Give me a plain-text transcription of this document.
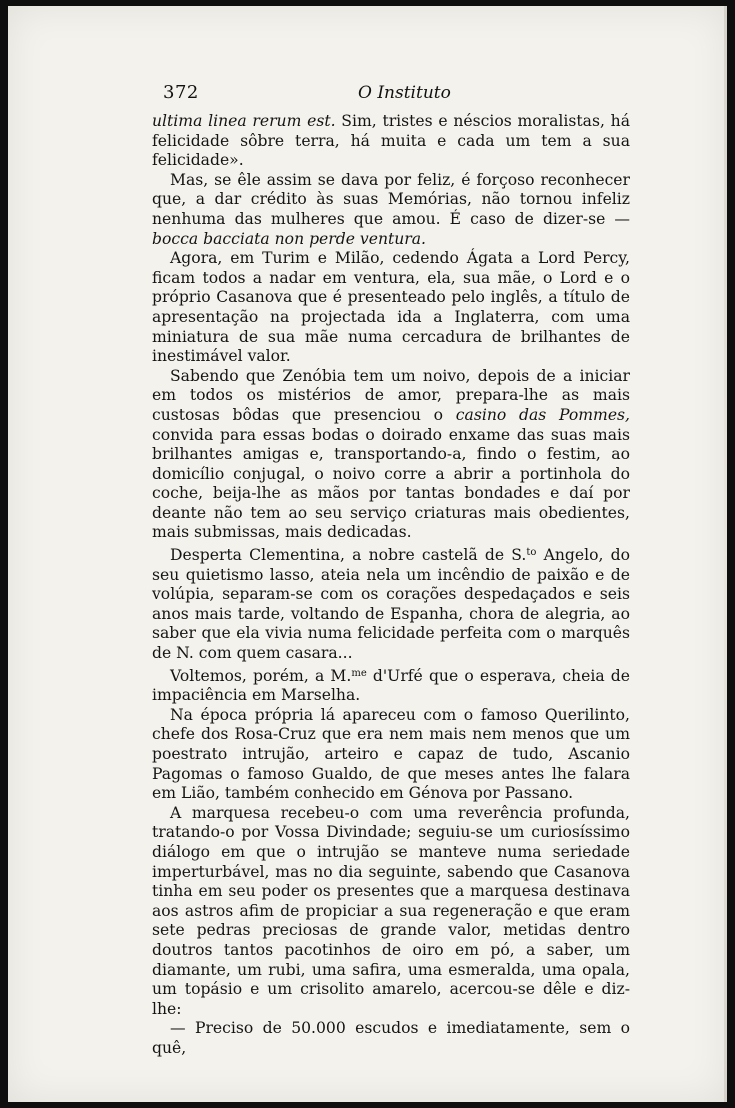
372	O Instituto

ultima linea rerum est. Sim, tristes e néscios moralistas, há felicidade sôbre terra, há muita e cada um tem a sua felicidade».

Mas, se êle assim se dava por feliz, é forçoso reconhecer que, a dar crédito às suas Memórias, não tornou infeliz nenhuma das mulheres que amou. É caso de dizer-se — bocca bacciata non perde ventura.

Agora, em Turim e Milão, cedendo Ágata a Lord Percy, ficam todos a nadar em ventura, ela, sua mãe, o Lord e o próprio Casanova que é presenteado pelo inglês, a título de apresentação na projectada ida a Inglaterra, com uma miniatura de sua mãe numa cercadura de brilhantes de inestimável valor.

Sabendo que Zenóbia tem um noivo, depois de a iniciar em todos os mistérios de amor, prepara-lhe as mais custosas bôdas que presenciou o casino das Pommes, convida para essas bodas o doirado enxame das suas mais brilhantes amigas e, transportando-a, findo o festim, ao domicílio conjugal, o noivo corre a abrir a portinhola do coche, beija-lhe as mãos por tantas bondades e daí por deante não tem ao seu serviço criaturas mais obedientes, mais submissas, mais dedicadas.

Desperta Clementina, a nobre castelã de S.$^{to}$ Angelo, do seu quietismo lasso, ateia nela um incêndio de paixão e de volúpia, separam-se com os corações despedaçados e seis anos mais tarde, voltando de Espanha, chora de alegria, ao saber que ela vivia numa felicidade perfeita com o marquês de N. com quem casara...

Voltemos, porém, a M.$^{me}$ d'Urfé que o esperava, cheia de impaciência em Marselha.

Na época própria lá apareceu com o famoso Querilinto, chefe dos Rosa-Cruz que era nem mais nem menos que um poestrato intrujão, arteiro e capaz de tudo, Ascanio Pagomas o famoso Gualdo, de que meses antes lhe falara em Lião, também conhecido em Génova por Passano.

A marquesa recebeu-o com uma reverência profunda, tratando-o por Vossa Divindade; seguiu-se um curiosíssimo diálogo em que o intrujão se manteve numa seriedade imperturbável, mas no dia seguinte, sabendo que Casanova tinha em seu poder os presentes que a marquesa destinava aos astros afim de propiciar a sua regeneração e que eram sete pedras preciosas de grande valor, metidas dentro doutros tantos pacotinhos de oiro em pó, a saber, um diamante, um rubi, uma safira, uma esmeralda, uma opala, um topásio e um crisolito amarelo, acercou-se dêle e diz-lhe:

— Preciso de 50.000 escudos e imediatamente, sem o quê,
